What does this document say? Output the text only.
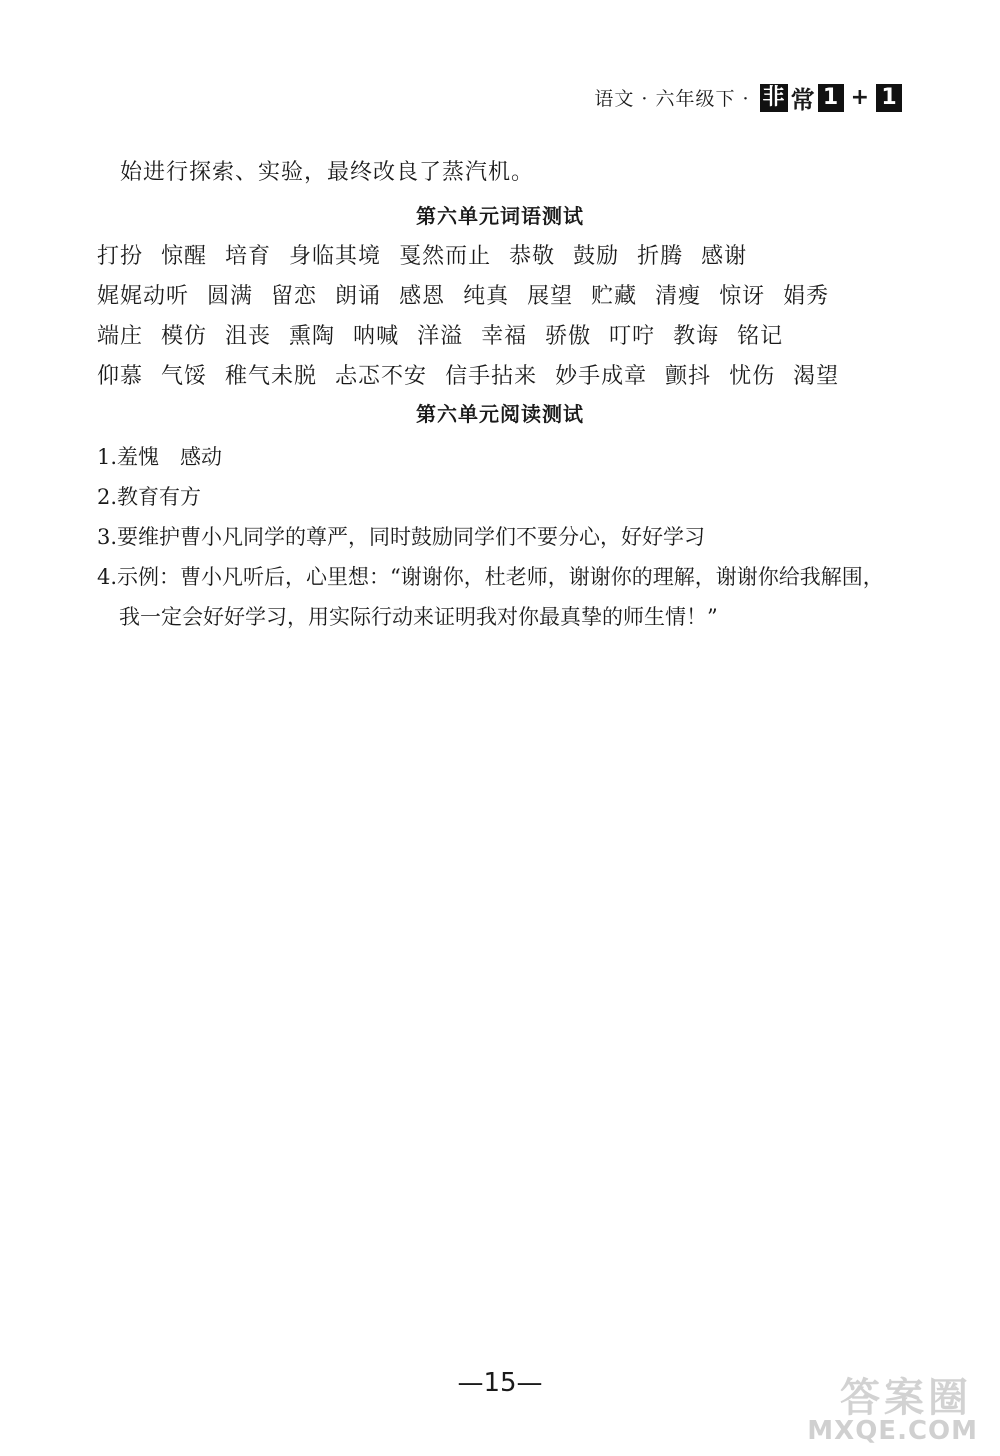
语文 · 六年级下 · 非 常 1 + 1
始进行探索、实验，最终改良了蒸汽机。
第六单元词语测试
打扮 惊醒 培育 身临其境 戛然而止 恭敬 鼓励 折腾 感谢
娓娓动听 圆满 留恋 朗诵 感恩 纯真 展望 贮藏 清瘦 惊讶 娟秀
端庄 模仿 沮丧 熏陶 呐喊 洋溢 幸福 骄傲 叮咛 教诲 铭记
仰慕 气馁 稚气未脱 忐忑不安 信手拈来 妙手成章 颤抖 忧伤 渴望
第六单元阅读测试
1.羞愧　感动
2.教育有方
3.要维护曹小凡同学的尊严，同时鼓励同学们不要分心，好好学习
4.示例：曹小凡听后，心里想：“谢谢你，杜老师，谢谢你的理解，谢谢你给我解围，
我一定会好好学习，用实际行动来证明我对你最真挚的师生情！”
—15—	答案圈
MXQE.COM
